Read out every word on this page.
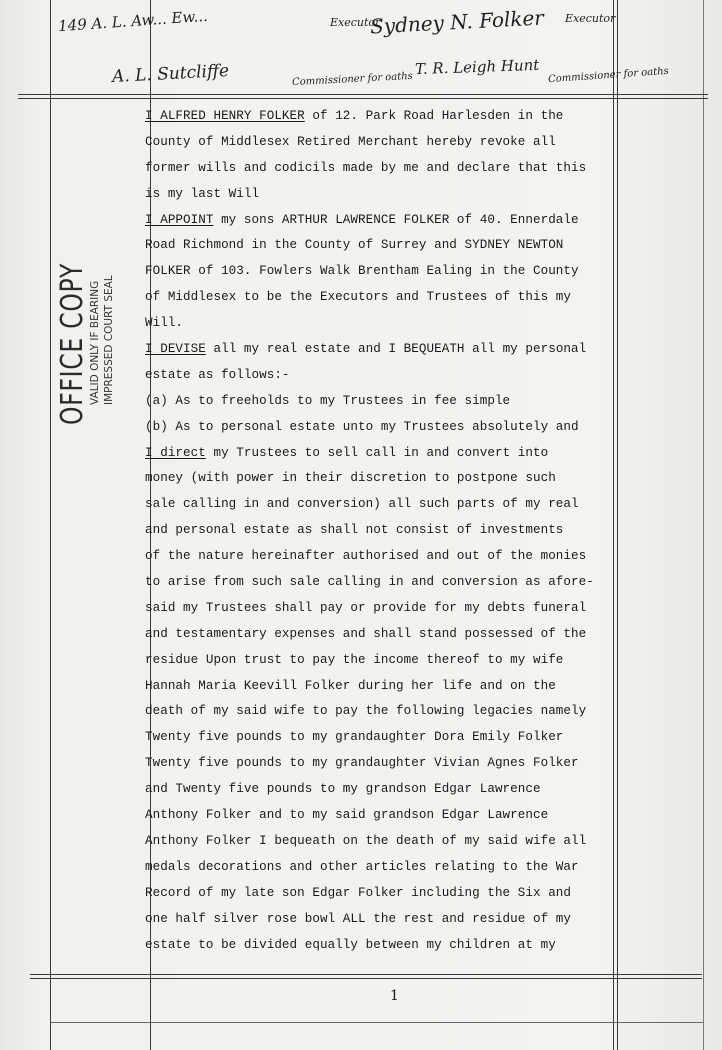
149 A. L. Aw... Ew...	Executor
Sydney N. Folker Executor
A. L. Sutcliffe	Commissioner for oaths
T. R. Leigh Hunt Commissioner for oaths
OFFICE COPY VALID ONLY IF BEARING IMPRESSED COURT SEAL
I ALFRED HENRY FOLKER of 12. Park Road Harlesden in the
County of Middlesex Retired Merchant hereby revoke all
former wills and codicils made by me and declare that this
is my last Will
I APPOINT my sons ARTHUR LAWRENCE FOLKER of 40. Ennerdale
Road Richmond in the County of Surrey and SYDNEY NEWTON
FOLKER of 103. Fowlers Walk Brentham Ealing in the County
of Middlesex to be the Executors and Trustees of this my
Will.
I DEVISE all my real estate and I BEQUEATH all my personal
estate as follows:-
(a) As to freeholds to my Trustees in fee simple
(b) As to personal estate unto my Trustees absolutely and
I direct my Trustees to sell call in and convert into
money (with power in their discretion to postpone such
sale calling in and conversion) all such parts of my real
and personal estate as shall not consist of investments
of the nature hereinafter authorised and out of the monies
to arise from such sale calling in and conversion as afore-
said my Trustees shall pay or provide for my debts funeral
and testamentary expenses and shall stand possessed of the
residue Upon trust to pay the income thereof to my wife
Hannah Maria Keevill Folker during her life and on the
death of my said wife to pay the following legacies namely
Twenty five pounds to my grandaughter Dora Emily Folker
Twenty five pounds to my grandaughter Vivian Agnes Folker
and Twenty five pounds to my grandson Edgar Lawrence
Anthony Folker and to my said grandson Edgar Lawrence
Anthony Folker I bequeath on the death of my said wife all
medals decorations and other articles relating to the War
Record of my late son Edgar Folker including the Six and
one half silver rose bowl ALL the rest and residue of my
estate to be divided equally between my children at my
1
